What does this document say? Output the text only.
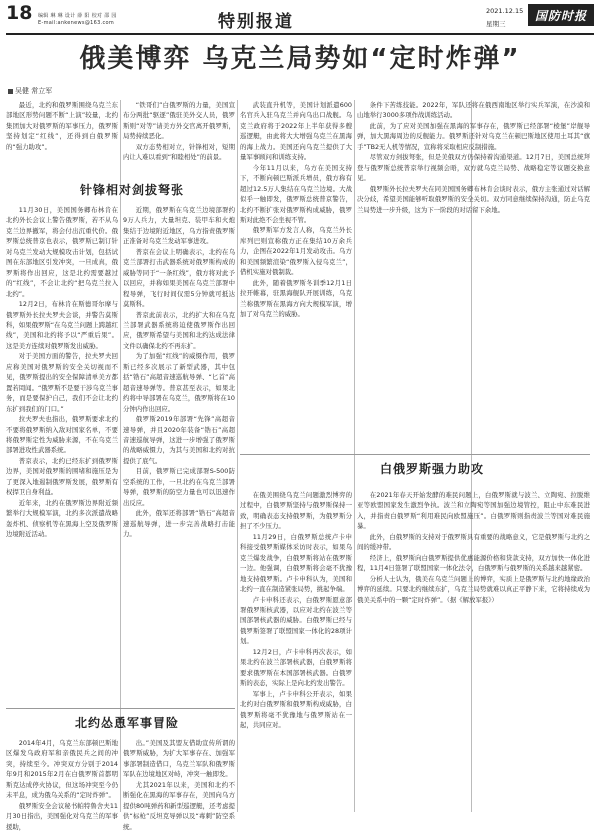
18 编辑 琳 琳 设计 薛 阳 校对 邵 园
E-mail:ankenews@163.com	特别报道
2021.12.15
星期三
国防时报
俄美博弈 乌克兰局势如“定时炸弹”
吴健 常立军

最近，北约和俄罗斯围绕乌克兰东部地区形势问题不断“上演”较量，北约集团加大对俄罗斯的军事压力，俄罗斯坚持划定“红线”，还得到白俄罗斯的“强力助攻”。

针锋相对剑拔弩张

11月30日，美国国务卿布林肯在北约外长会议上警告俄罗斯，若不从乌克兰边界撤军，将会付出沉重代价。俄罗斯总统普京也表示，俄罗斯已制订针对乌克兰发动大规模攻击计划，包括试图在东部地区引发冲突，一旦成真，俄罗斯将作出回应，这是北约需要越过的“红线”，不会让北约“把乌克兰拉入北约”。

12月2日，布林肯在斯德哥尔摩与俄罗斯外长拉夫罗夫会谈，并警告莫斯科，如果俄罗斯“在乌克兰问题上跨越红线”，美国和北约将予以“严重后果”。这是美方连续对俄罗斯发出威胁。

对于美国方面的警告，拉夫罗夫回应称美国对俄罗斯的安全关切视而不见，俄罗斯提出的安全保障清单美方都置若罔闻。“俄罗斯不是要干涉乌克兰事务，而是要保护自己，我们不会让北约东扩到我们的门口。”

拉夫罗夫也指出，俄罗斯要求北约不要将俄罗斯纳入敌对国家名单，不要将俄罗斯定性为威胁来源，不在乌克兰部署进攻性武器系统。

普京表示，北约已经东扩到俄罗斯边界，美国对俄罗斯的围堵和施压是为了更深入地遏制俄罗斯发展，俄罗斯有权捍卫自身利益。

近年来，北约在俄罗斯边界附近频繁举行大规模军演，北约多次派遣战略轰炸机、侦察机等在黑海上空及俄罗斯边境附近活动。

“铁哥们”白俄罗斯的力量，美国宣布分两批“驱逐”俄驻美外交人员，俄罗斯则“对等”请美方外交官离开俄罗斯，局势持续恶化。

双方态势相对立，针锋相对，短期内让人难以看到“和睦相处”的前景。

近期，俄罗斯在乌克兰边境部署约9万人兵力，大量坦克、装甲车和火炮集结于边境附近地区，乌方指责俄罗斯正准备对乌克兰发动军事进攻。

普京在会议上明确表示，北约在乌克兰部署打击武器系统对俄罗斯构成的威胁等同于“一条红线”，俄方将对此予以回应，并称如果美国在乌克兰部署中程导弹，飞行时间仅需5分钟就可抵达莫斯科。

普京此前表示，北约扩大和在乌克兰部署武器系统将迫使俄罗斯作出回应，俄罗斯希望与美国和北约达成法律文件以确保北约不再东扩。

为了加强“红线”的威慑作用，俄罗斯已经多次展示了新型武器，其中包括“锆石”高超音速巡航导弹、“匕首”高超音速导弹等。普京甚至表示，如果北约将中导部署在乌克兰，俄罗斯将在10分钟内作出回应。

俄罗斯2019年部署“先锋”高超音速导弹，并且2020年装备“锆石”高超音速巡航导弹，这进一步增强了俄罗斯的战略威慑力，为其与美国和北约对抗提供了底气。

目前，俄罗斯已完成部署S-500防空系统的工作，一旦北约在乌克兰部署导弹，俄罗斯的防空力量也可以迅速作出反应。

此外，俄军还将部署“锆石”高超音速巡航导弹，进一步完善战略打击能力。

北约怂恿军事冒险

2014年4月，乌克兰东部顿巴斯地区爆发乌政府军和亲俄民兵之间的冲突，持续至今。冲突双方分别于2014年9月和2015年2月在白俄罗斯首都明斯克达成停火协议，但这场冲突至今仍未平息，成为俄乌关系的“定时炸弹”。

俄罗斯安全会议秘书帕特鲁舍夫11月30日指出，美国强化对乌克兰的军事援助，

出。”美国及其盟友借助宣传所谓的俄罗斯威胁，为扩大军事存在、加强军事部署制造借口，乌克兰军队和俄罗斯军队在边境地区对峙，冲突一触即发。

尤其2021年以来，美国和北约不断强化在黑海的军事存在，美国向乌方提供80吨弹药和新型巡逻艇，还考虑提供“标枪”反坦克导弹以及“毒刺”防空系统。

武装直升机等，美国计划派遣600名官兵入驻乌克兰并向乌出口战舰。乌克兰政府将于2022年上半年获得多艘巡逻艇，由此将大大增强乌克兰在黑海的海上战力。美国还向乌克兰提供了大量军事顾问和训练支持。

今年11月以来，乌方在美国支持下，不断向顿巴斯派兵增员，俄方称有超过12.5万人集结在乌克兰边境。大战似乎一触即发，俄罗斯总统普京警告，北约不断扩张对俄罗斯构成威胁，俄罗斯对此绝不会坐视不管。

俄罗斯军方发言人称，乌克兰外长库列巴则宣称俄方正在集结10万余兵力，企图在2022年1月发动攻击。乌方和美国频繁渲染“俄罗斯入侵乌克兰”，借机实施对俄制裁。

此外，随着俄罗斯冬训季12月1日拉开帷幕，驻黑海舰队开展训练，乌克兰称俄罗斯在黑海方向大规模军演，增加了对乌克兰的威胁。

条件下苦练技能。2022年，军队还将在俄西南地区举行实兵军演，在沙漠和山地举行3000多项作战训练活动。

此前，为了应对美国加强在黑海的军事存在，俄罗斯已经部署“棱堡”岸舰导弹，加大黑海周边的反舰能力。俄罗斯还针对乌克兰在顿巴斯地区使用土耳其“旗手”TB2无人机等情况，宣称将采取相应反制措施。

尽管双方剑拔弩张，但是美俄双方仍保持着沟通渠道。12月7日，美国总统拜登与俄罗斯总统普京举行视频会晤，双方就乌克兰局势、战略稳定等议题交换意见。

俄罗斯外长拉夫罗夫在同美国国务卿布林肯会谈时表示，俄方主张通过对话解决分歧，希望美国能够听取俄罗斯的安全关切。双方同意继续保持沟通，防止乌克兰局势进一步升级，这为下一阶段的对话留下余地。

白俄罗斯强力助攻

在俄美围绕乌克兰问题激烈博弈的过程中，白俄罗斯坚持与俄罗斯保持一致，明确表态支持俄罗斯，为俄罗斯分担了不少压力。

11月29日，白俄罗斯总统卢卡申科接受俄罗斯媒体采访时表示，如果乌克兰爆发战争，白俄罗斯将站在俄罗斯一边。他强调，白俄罗斯将会毫不犹豫地支持俄罗斯。卢卡申科认为，美国和北约一直在制造紧张局势，挑起争端。

卢卡申科还表示，白俄罗斯愿意部署俄罗斯核武器，以应对北约在波兰等国部署核武器的威胁。白俄罗斯已经与俄罗斯签署了联盟国家一体化的28项计划。

12月2日，卢卡申科再次表示，如果北约在波兰部署核武器，白俄罗斯将要求俄罗斯在本国部署核武器。白俄罗斯的表态，实际上是向北约发出警告。

军事上，卢卡申科公开表示，如果北约对白俄罗斯和俄罗斯构成威胁，白俄罗斯将毫不犹豫地与俄罗斯站在一起，共同应对。

在2021年春天开始发酵的难民问题上，白俄罗斯就与波兰、立陶宛、拉脱维亚等欧盟国家发生激烈争执。波兰和立陶宛等国加强边境管控，阻止中东难民进入，并指责白俄罗斯“利用难民向欧盟施压”。白俄罗斯则指责波兰等国对难民施暴。

此外，白俄罗斯的支持对于俄罗斯具有重要的战略意义，它是俄罗斯与北约之间的缓冲带。

经济上，俄罗斯向白俄罗斯提供优惠能源价格和贷款支持，双方加快一体化进程，11月4日签署了联盟国家一体化法令，白俄罗斯与俄罗斯的关系越来越紧密。

分析人士认为，俄美在乌克兰问题上的博弈，实质上是俄罗斯与北约地缘政治博弈的延续。只要北约继续东扩，乌克兰局势就难以真正平静下来，它将持续成为俄美关系中的一颗“定时炸弹”。（据《解放军报》）
